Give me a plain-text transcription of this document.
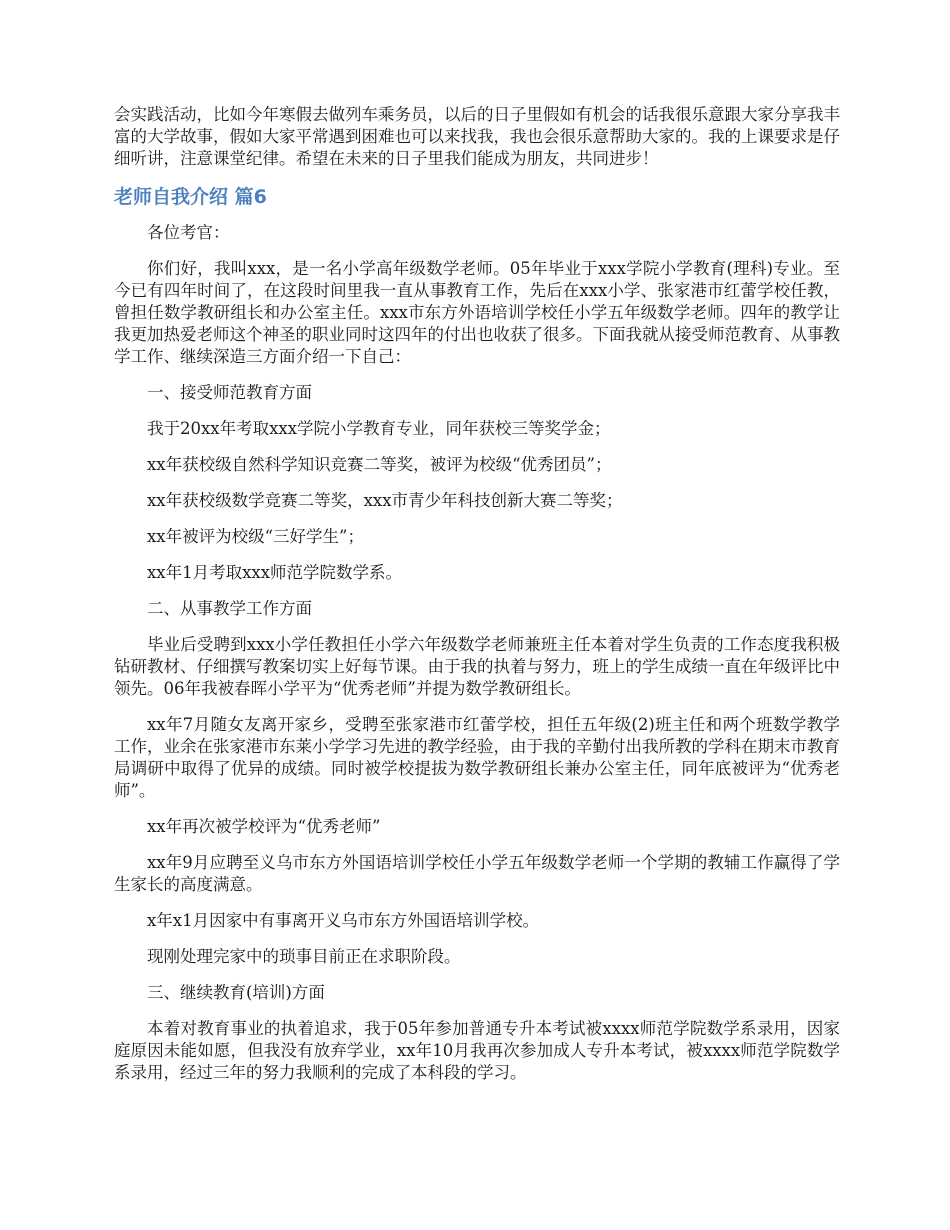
会实践活动，比如今年寒假去做列车乘务员，以后的日子里假如有机会的话我很乐意跟大家分享我丰富的大学故事，假如大家平常遇到困难也可以来找我，我也会很乐意帮助大家的。我的上课要求是仔细听讲，注意课堂纪律。希望在未来的日子里我们能成为朋友，共同进步！

老师自我介绍 篇6

各位考官：

你们好，我叫xxx，是一名小学高年级数学老师。05年毕业于xxx学院小学教育(理科)专业。至今已有四年时间了，在这段时间里我一直从事教育工作，先后在xxx小学、张家港市红蕾学校任教，曾担任数学教研组长和办公室主任。xxx市东方外语培训学校任小学五年级数学老师。四年的教学让我更加热爱老师这个神圣的职业同时这四年的付出也收获了很多。下面我就从接受师范教育、从事教学工作、继续深造三方面介绍一下自己：

一、接受师范教育方面

我于20xx年考取xxx学院小学教育专业，同年获校三等奖学金；

xx年获校级自然科学知识竞赛二等奖，被评为校级“优秀团员”；

xx年获校级数学竞赛二等奖，xxx市青少年科技创新大赛二等奖；

xx年被评为校级“三好学生”；

xx年1月考取xxx师范学院数学系。

二、从事教学工作方面

毕业后受聘到xxx小学任教担任小学六年级数学老师兼班主任本着对学生负责的工作态度我积极钻研教材、仔细撰写教案切实上好每节课。由于我的执着与努力，班上的学生成绩一直在年级评比中领先。06年我被春晖小学平为“优秀老师”并提为数学教研组长。

xx年7月随女友离开家乡，受聘至张家港市红蕾学校，担任五年级(2)班主任和两个班数学教学工作，业余在张家港市东莱小学学习先进的教学经验，由于我的辛勤付出我所教的学科在期末市教育局调研中取得了优异的成绩。同时被学校提拔为数学教研组长兼办公室主任，同年底被评为“优秀老师”。

xx年再次被学校评为“优秀老师”

xx年9月应聘至义乌市东方外国语培训学校任小学五年级数学老师一个学期的教辅工作赢得了学生家长的高度满意。

x年x1月因家中有事离开义乌市东方外国语培训学校。

现刚处理完家中的琐事目前正在求职阶段。

三、继续教育(培训)方面

本着对教育事业的执着追求，我于05年参加普通专升本考试被xxxx师范学院数学系录用，因家庭原因未能如愿，但我没有放弃学业，xx年10月我再次参加成人专升本考试，被xxxx师范学院数学系录用，经过三年的努力我顺利的完成了本科段的学习。
